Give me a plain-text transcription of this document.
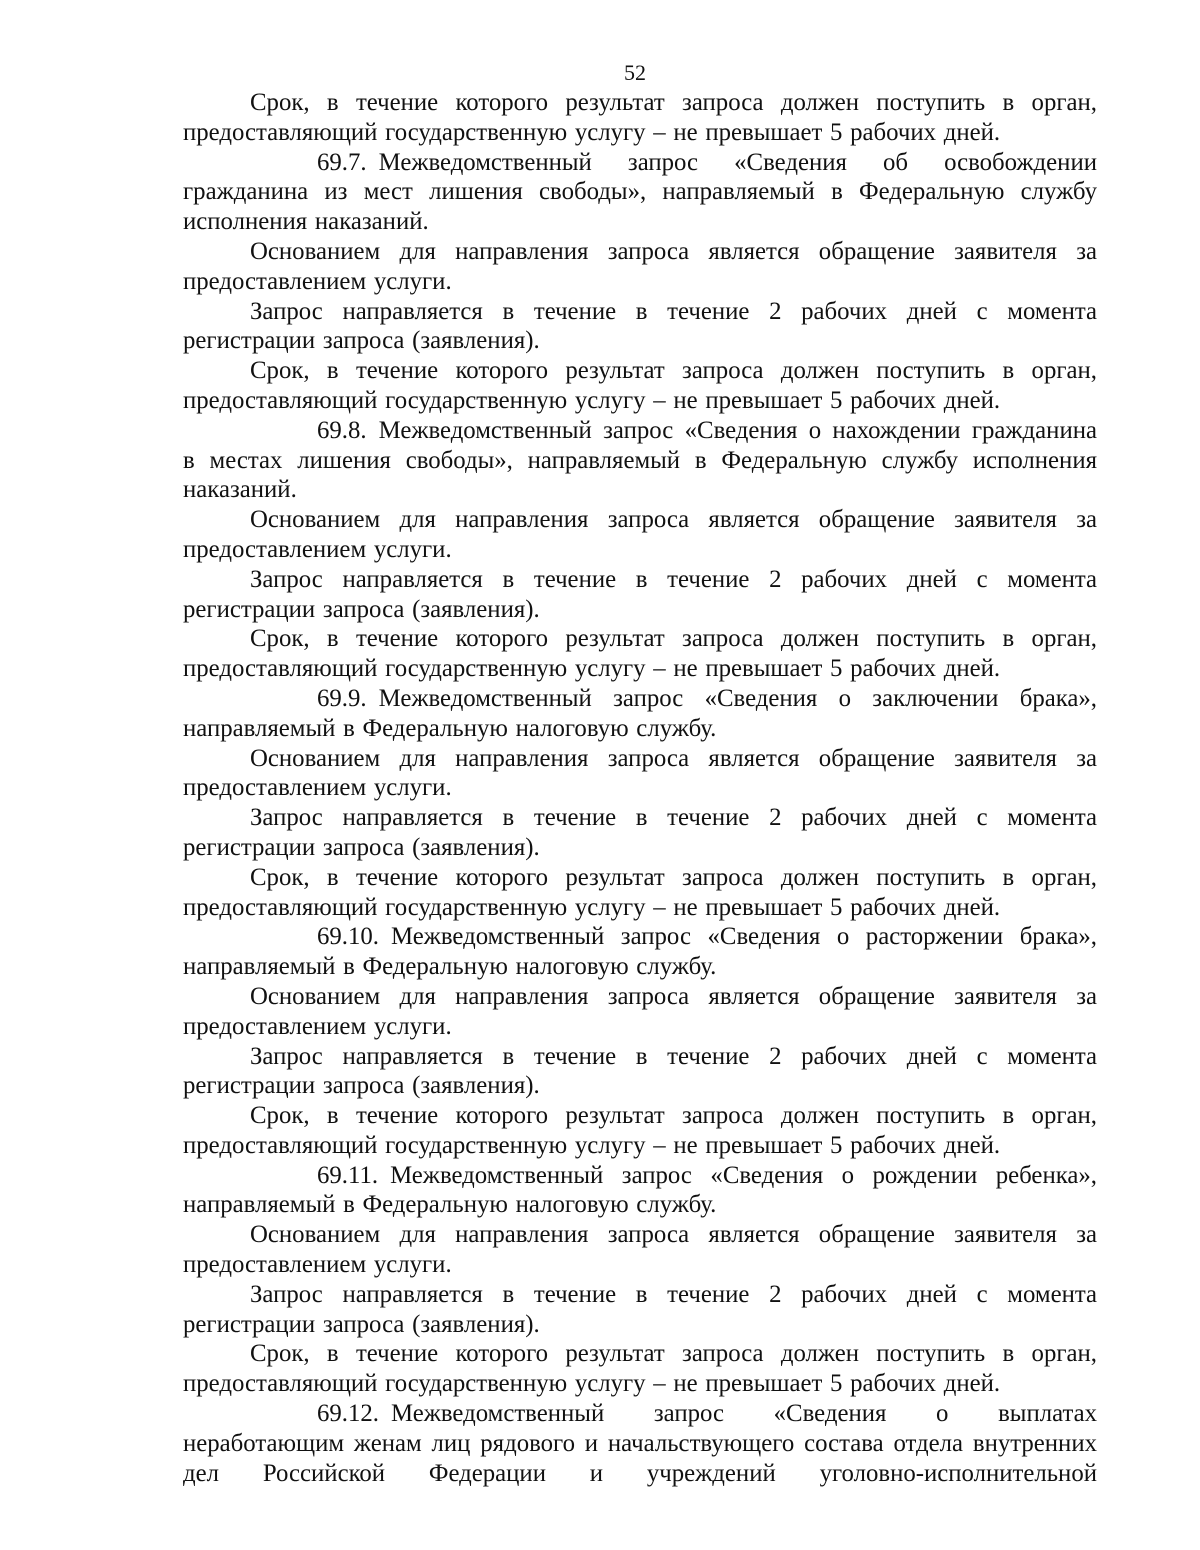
52

Срок, в течение которого результат запроса должен поступить в орган, предоставляющий государственную услугу – не превышает 5 рабочих дней.

69.7. Межведомственный запрос «Сведения об освобождении гражданина из мест лишения свободы», направляемый в Федеральную службу исполнения наказаний.

Основанием для направления запроса является обращение заявителя за предоставлением услуги.

Запрос направляется в течение в течение 2 рабочих дней с момента регистрации запроса (заявления).

Срок, в течение которого результат запроса должен поступить в орган, предоставляющий государственную услугу – не превышает 5 рабочих дней.

69.8. Межведомственный запрос «Сведения о нахождении гражданина в местах лишения свободы», направляемый в Федеральную службу исполнения наказаний.

Основанием для направления запроса является обращение заявителя за предоставлением услуги.

Запрос направляется в течение в течение 2 рабочих дней с момента регистрации запроса (заявления).

Срок, в течение которого результат запроса должен поступить в орган, предоставляющий государственную услугу – не превышает 5 рабочих дней.

69.9. Межведомственный запрос «Сведения о заключении брака», направляемый в Федеральную налоговую службу.

Основанием для направления запроса является обращение заявителя за предоставлением услуги.

Запрос направляется в течение в течение 2 рабочих дней с момента регистрации запроса (заявления).

Срок, в течение которого результат запроса должен поступить в орган, предоставляющий государственную услугу – не превышает 5 рабочих дней.

69.10. Межведомственный запрос «Сведения о расторжении брака», направляемый в Федеральную налоговую службу.

Основанием для направления запроса является обращение заявителя за предоставлением услуги.

Запрос направляется в течение в течение 2 рабочих дней с момента регистрации запроса (заявления).

Срок, в течение которого результат запроса должен поступить в орган, предоставляющий государственную услугу – не превышает 5 рабочих дней.

69.11. Межведомственный запрос «Сведения о рождении ребенка», направляемый в Федеральную налоговую службу.

Основанием для направления запроса является обращение заявителя за предоставлением услуги.

Запрос направляется в течение в течение 2 рабочих дней с момента регистрации запроса (заявления).

Срок, в течение которого результат запроса должен поступить в орган, предоставляющий государственную услугу – не превышает 5 рабочих дней.

69.12. Межведомственный запрос «Сведения о выплатах неработающим женам лиц рядового и начальствующего состава отдела внутренних дел Российской Федерации и учреждений уголовно-исполнительной
